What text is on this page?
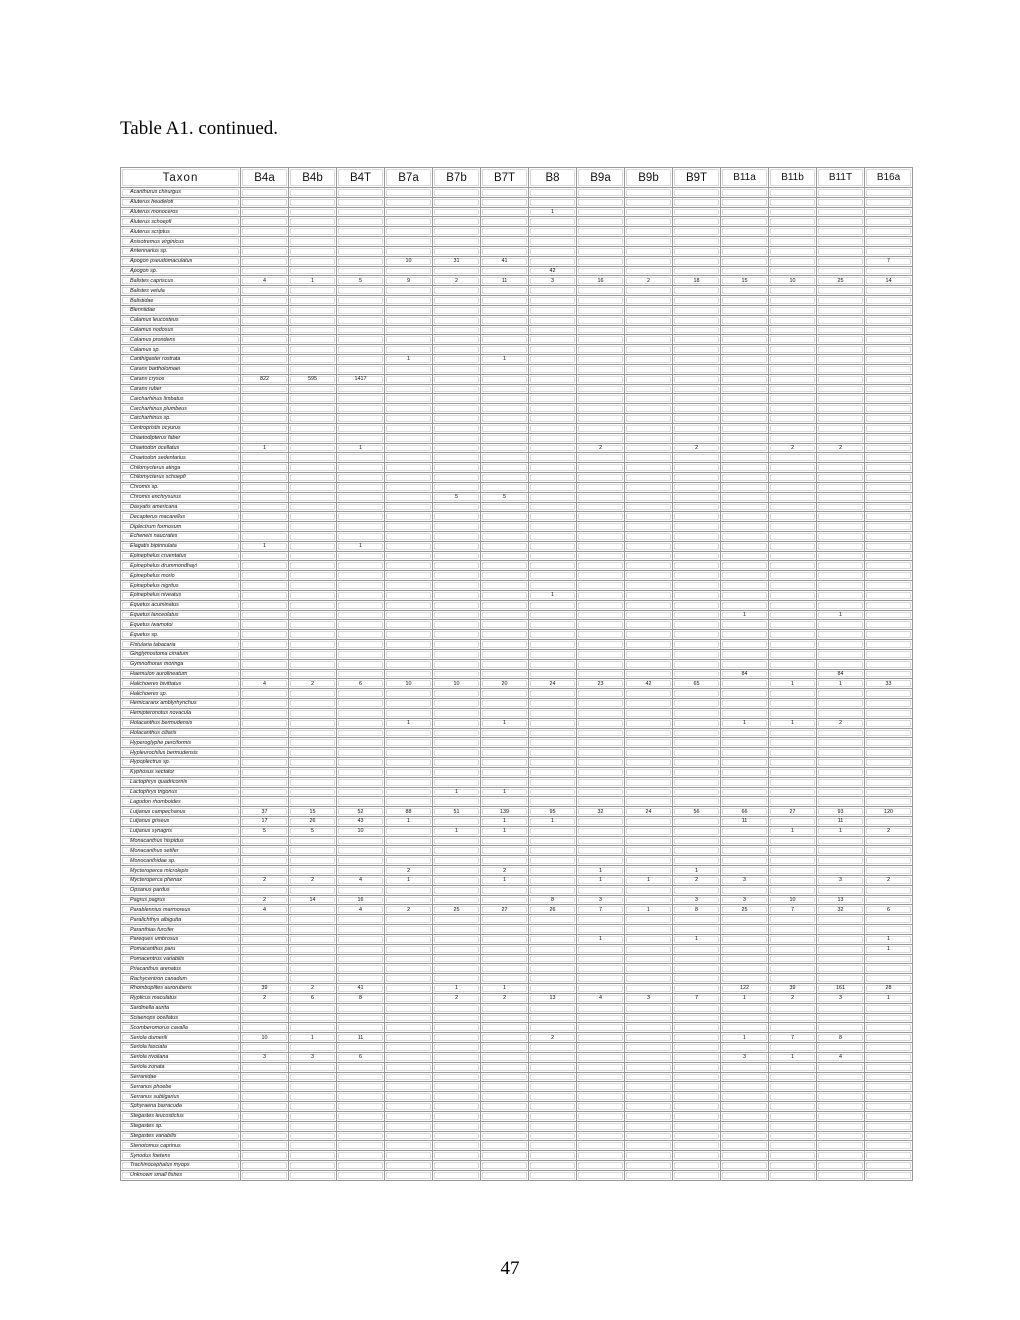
Table A1. continued.
Taxon	B4a	B4b	B4T	B7a	B7b	B7T	B8	B9a	B9b	B9T	B11a	B11b	B11T	B16a
Acanthurus chirurgus														
Aluterus heudeloti														
Aluterus monoceros							1							
Aluterus schoepfi														
Aluterus scriptus														
Anisotremus virginicus														
Antennarius sp.														
Apogon pseudomaculatus				10	31	41								7
Apogon sp.							42							
Balistes capriscus	4	1	5	9	2	11	3	16	2	18	15	10	25	14
Balistes vetula														
Balistidae														
Blenniidae														
Calamus leucosteus														
Calamus nodosus														
Calamus prondens														
Calamus sp.														
Canthigaster rostrata				1		1								
Caranx bartholomaei														
Caranx crysos	822	595	1417											
Caranx ruber														
Carcharhinus limbatus														
Carcharhinus plumbeus														
Carcharhinus sp.														
Centropristis ocyurus														
Chaetodipterus faber														
Chaetodon ocellatus	1		1					2		2		2	2	
Chaetodon sedentarius														
Chilomycterus atinga														
Chilomycterus schoepfi														
Chromis sp.														
Chromis enchrysurus					5	5								
Dasyatis americana														
Decapterus macarellus														
Diplectrum formosum														
Echeneis naucrates														
Elagatis bipinnulata	1		1											
Epinephelus cruentatus														
Epinephelus drummondhayi														
Epinephelus morio														
Epinephelus nigritus														
Epinephelus niveatus							1							
Equetus acuminatus														
Equetus lanceolatus											1		1	
Equetus iwamotoi														
Equetus sp.														
Fistularia tabacaria														
Ginglymostoma cirratum														
Gymnothorax moringa														
Haemulon aurolineatum											84		84	
Halichoeres bivittatus	4	2	6	10	10	20	24	23	42	65		1	1	33
Halichoeres sp.														
Hemicaranx amblyrhynchus														
Hemipteronotus novacula														
Holacanthus bermudensis				1		1					1	1	2	
Holacanthus ciliaris														
Hyperoglyphe perciformis														
Hypleurochilus bermudensis														
Hypoplectrus sp.														
Kyphosus sectator														
Lactophrys quadricornis														
Lactophrys trigonus					1	1								
Lagodon rhomboides														
Lutjanus campechanus	37	15	52	88	51	139	95	32	24	56	66	27	93	120
Lutjanus griseus	17	26	43	1		1	1				11		11	
Lutjanus synagris	5	5	10		1	1						1	1	2
Monacanthus hispidus														
Monacanthus setifer														
Monocanthidae sp.														
Mycteroperca microlepis				2		2		1		1				
Mycteroperca phenax	2	2	4	1		1		1	1	2	3		3	2
Opsanus pardus														
Pagrus pagrus	2	14	16				8	3		3	3	10	13	
Parablennius marmoreus	4		4	2	25	27	26	7	1	8	25	7	32	6
Paralichthys albigutta														
Paranthias furcifer														
Pareques umbrosus								1		1				1
Pomacanthus paru														1
Pomacentrus variabilis														
Priacanthus arenatus														
Rachycentron canadum														
Rhomboplites aurorubens	39	2	41		1	1					122	39	161	28
Rypticus maculatus	2	6	8		2	2	13	4	3	7	1	2	3	1
Sardinella aurita														
Sciaenops ocellatus														
Scomberomorus cavalla														
Seriola dumerili	10	1	11				2				1	7	8	
Seriola fasciata														
Seriola rivoliana	3	3	6								3	1	4	
Seriola zonata														
Serranidae														
Serranus phoebe														
Serranus subligarius														
Sphyraena barracuda														
Stegastes leucostictus														
Stegastes sp.														
Stegastes variabilis														
Stenotomus caprinus														
Synodus foetens														
Trachinocephalus myops														
Unknown small fishes														
47
